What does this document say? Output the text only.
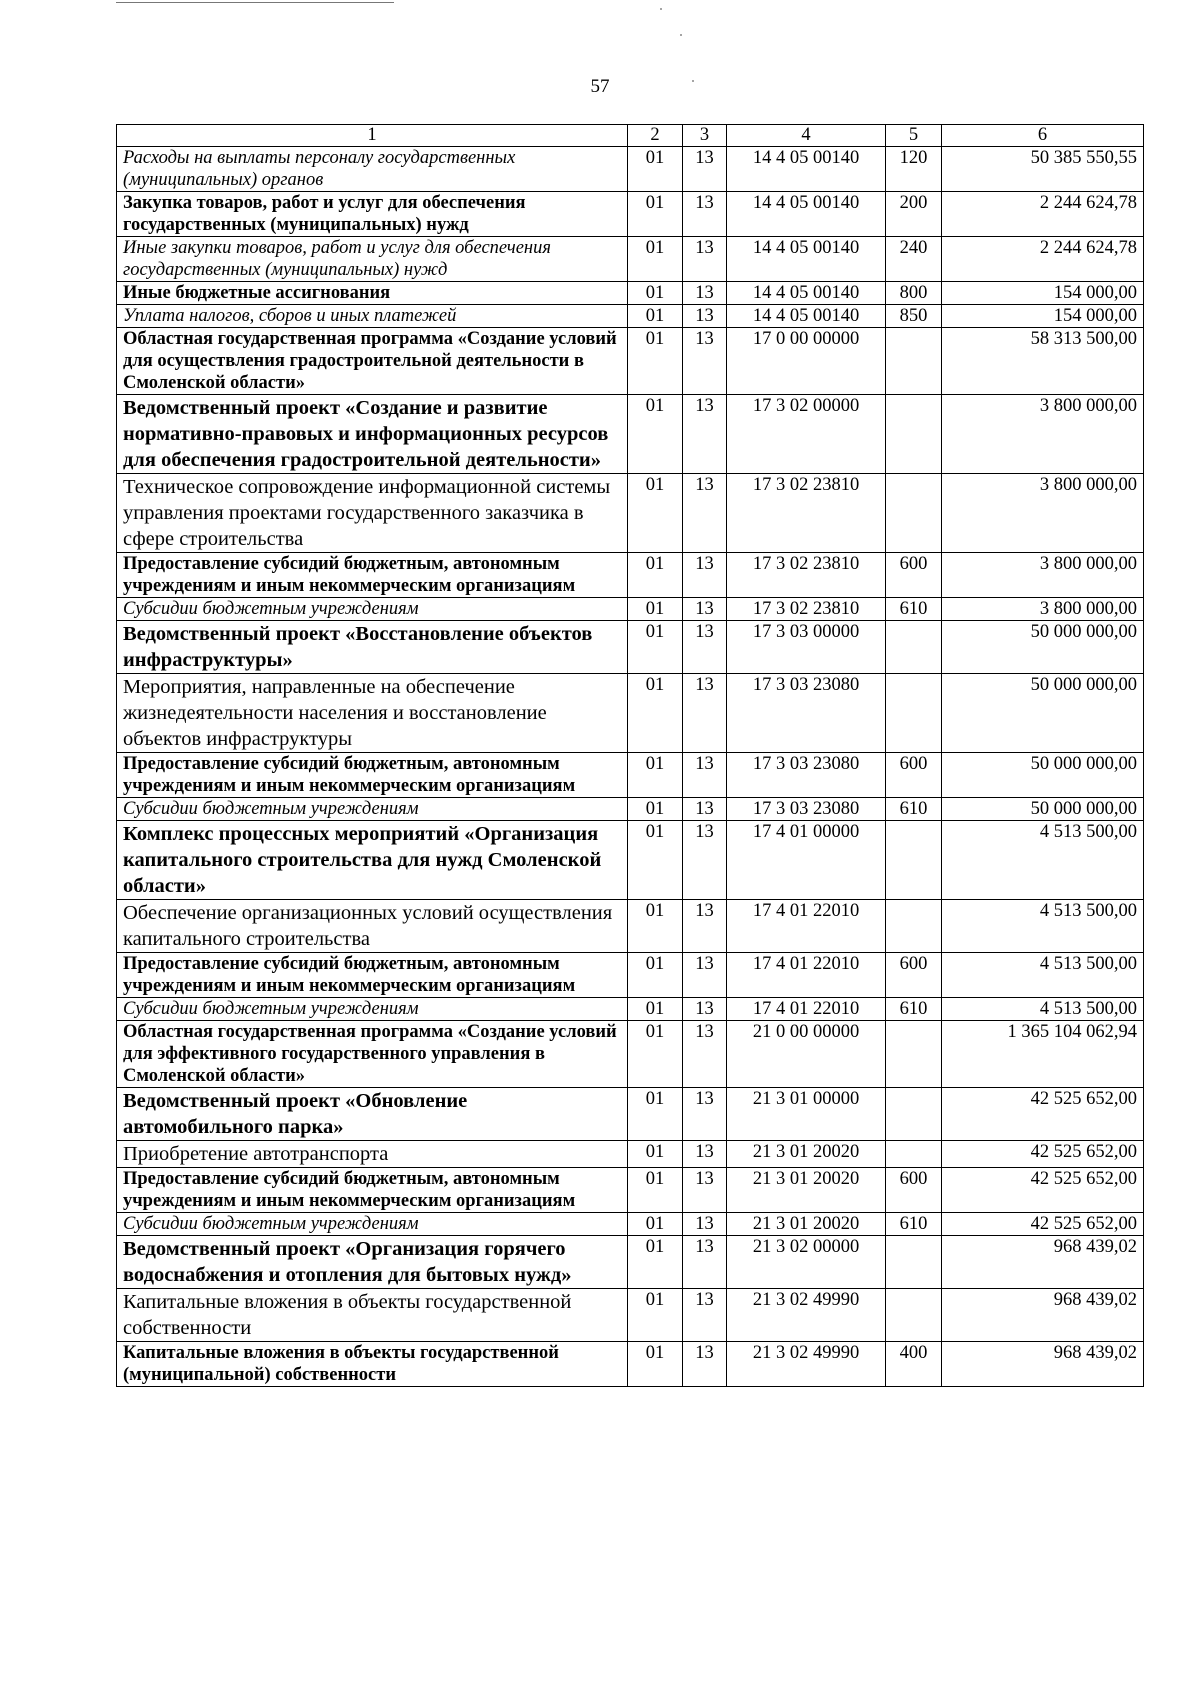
57
1	2	3	4	5	6
Расходы на выплаты персоналу государственных (муниципальных) органов	01	13	14 4 05 00140	120	50 385 550,55
Закупка товаров, работ и услуг для обеспечения государственных (муниципальных) нужд	01	13	14 4 05 00140	200	2 244 624,78
Иные закупки товаров, работ и услуг для обеспечения государственных (муниципальных) нужд	01	13	14 4 05 00140	240	2 244 624,78
Иные бюджетные ассигнования	01	13	14 4 05 00140	800	154 000,00
Уплата налогов, сборов и иных платежей	01	13	14 4 05 00140	850	154 000,00
Областная государственная программа «Создание условий для осуществления градостроительной деятельности в Смоленской области»	01	13	17 0 00 00000		58 313 500,00
Ведомственный проект «Создание и развитие нормативно-правовых и информационных ресурсов для обеспечения градостроительной деятельности»	01	13	17 3 02 00000		3 800 000,00
Техническое сопровождение информационной системы управления проектами государственного заказчика в сфере строительства	01	13	17 3 02 23810		3 800 000,00
Предоставление субсидий бюджетным, автономным учреждениям и иным некоммерческим организациям	01	13	17 3 02 23810	600	3 800 000,00
Субсидии бюджетным учреждениям	01	13	17 3 02 23810	610	3 800 000,00
Ведомственный проект «Восстановление объектов инфраструктуры»	01	13	17 3 03 00000		50 000 000,00
Мероприятия, направленные на обеспечение жизнедеятельности населения и восстановление объектов инфраструктуры	01	13	17 3 03 23080		50 000 000,00
Предоставление субсидий бюджетным, автономным учреждениям и иным некоммерческим организациям	01	13	17 3 03 23080	600	50 000 000,00
Субсидии бюджетным учреждениям	01	13	17 3 03 23080	610	50 000 000,00
Комплекс процессных мероприятий «Организация капитального строительства для нужд Смоленской области»	01	13	17 4 01 00000		4 513 500,00
Обеспечение организационных условий осуществления капитального строительства	01	13	17 4 01 22010		4 513 500,00
Предоставление субсидий бюджетным, автономным учреждениям и иным некоммерческим организациям	01	13	17 4 01 22010	600	4 513 500,00
Субсидии бюджетным учреждениям	01	13	17 4 01 22010	610	4 513 500,00
Областная государственная программа «Создание условий для эффективного государственного управления в Смоленской области»	01	13	21 0 00 00000		1 365 104 062,94
Ведомственный проект «Обновление автомобильного парка»	01	13	21 3 01 00000		42 525 652,00
Приобретение автотранспорта	01	13	21 3 01 20020		42 525 652,00
Предоставление субсидий бюджетным, автономным учреждениям и иным некоммерческим организациям	01	13	21 3 01 20020	600	42 525 652,00
Субсидии бюджетным учреждениям	01	13	21 3 01 20020	610	42 525 652,00
Ведомственный проект «Организация горячего водоснабжения и отопления для бытовых нужд»	01	13	21 3 02 00000		968 439,02
Капитальные вложения в объекты государственной собственности	01	13	21 3 02 49990		968 439,02
Капитальные вложения в объекты государственной (муниципальной) собственности	01	13	21 3 02 49990	400	968 439,02
